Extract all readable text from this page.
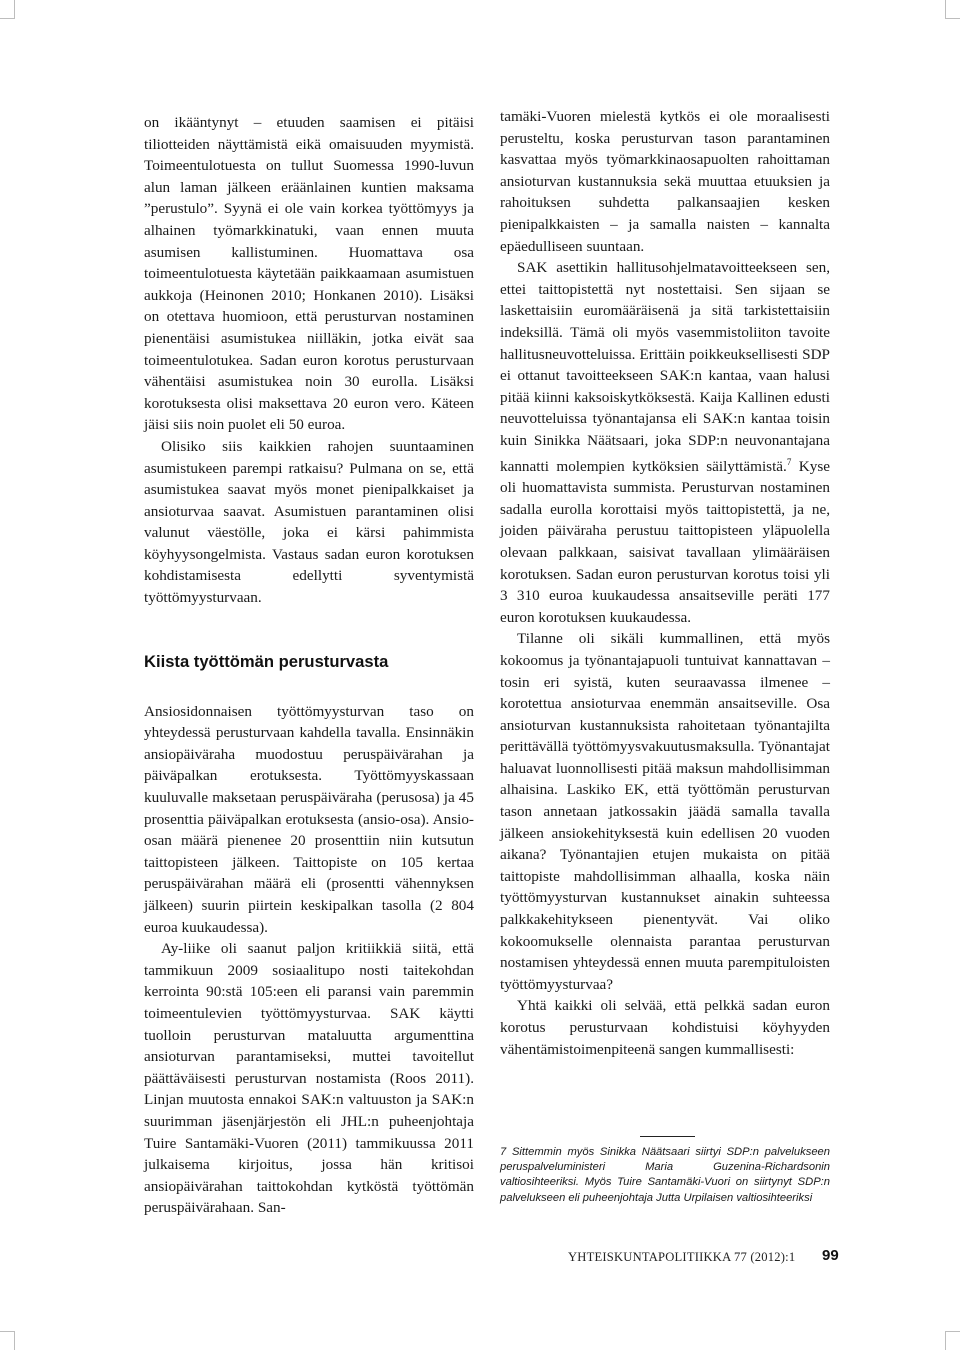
on ikääntynyt – etuuden saamisen ei pitäisi tiliotteiden näyttämistä eikä omaisuuden myymistä. Toimeentulotuesta on tullut Suomessa 1990-luvun alun laman jälkeen eräänlainen kuntien maksama ”perustulo”. Syynä ei ole vain korkea työttömyys ja alhainen työmarkkinatuki, vaan ennen muuta asumisen kallistuminen. Huomattava osa toimeentulotuesta käytetään paikkaamaan asumistuen aukkoja (Heinonen 2010; Honkanen 2010). Lisäksi on otettava huomioon, että perusturvan nostaminen pienentäisi asumistukea niilläkin, jotka eivät saa toimeentulotukea. Sadan euron korotus perusturvaan vähentäisi asumistukea noin 30 eurolla. Lisäksi korotuksesta olisi maksettava 20 euron vero. Käteen jäisi siis noin puolet eli 50 euroa.

Olisiko siis kaikkien rahojen suuntaaminen asumistukeen parempi ratkaisu? Pulmana on se, että asumistukea saavat myös monet pienipalkkaiset ja ansioturvaa saavat. Asumistuen parantaminen olisi valunut väestölle, joka ei kärsi pahimmista köyhyysongelmista. Vastaus sadan euron korotuksen kohdistamisesta edellytti syventymistä työttömyysturvaan.

Kiista työttömän perusturvasta

Ansiosidonnaisen työttömyysturvan taso on yhteydessä perusturvaan kahdella tavalla. Ensinnäkin ansiopäiväraha muodostuu peruspäivärahan ja päiväpalkan erotuksesta. Työttömyyskassaan kuuluvalle maksetaan peruspäiväraha (perusosa) ja 45 prosenttia päiväpalkan erotuksesta (ansio-osa). Ansio-osan määrä pienenee 20 prosenttiin niin kutsutun taittopisteen jälkeen. Taittopiste on 105 kertaa peruspäivärahan määrä eli (prosentti vähennyksen jälkeen) suurin piirtein keskipalkan tasolla (2 804 euroa kuukaudessa).

Ay-liike oli saanut paljon kritiikkiä siitä, että tammikuun 2009 sosiaalitupo nosti taitekohdan kerrointa 90:stä 105:een eli paransi vain paremmin toimeentulevien työttömyysturvaa. SAK käytti tuolloin perusturvan mataluutta argumenttina ansioturvan parantamiseksi, muttei tavoitellut päättäväisesti perusturvan nostamista (Roos 2011). Linjan muutosta ennakoi SAK:n valtuuston ja SAK:n suurimman jäsenjärjestön eli JHL:n puheenjohtaja Tuire Santamäki-Vuoren (2011) tammikuussa 2011 julkaisema kirjoitus, jossa hän kritisoi ansiopäivärahan taittokohdan kytköstä työttömän peruspäivärahaan. San-

tamäki-Vuoren mielestä kytkös ei ole moraalisesti perusteltu, koska perusturvan tason parantaminen kasvattaa myös työmarkkinaosapuolten rahoittaman ansioturvan kustannuksia sekä muuttaa etuuksien ja rahoituksen suhdetta palkansaajien kesken pienipalkkaisten – ja samalla naisten – kannalta epäedulliseen suuntaan.

SAK asettikin hallitusohjelmatavoitteekseen sen, ettei taittopistettä nyt nostettaisi. Sen sijaan se laskettaisiin euromääräisenä ja sitä tarkistettaisiin indeksillä. Tämä oli myös vasemmistoliiton tavoite hallitusneuvotteluissa. Erittäin poikkeuksellisesti SDP ei ottanut tavoitteekseen SAK:n kantaa, vaan halusi pitää kiinni kaksoiskytköksestä. Kaija Kallinen edusti neuvotteluissa työnantajansa eli SAK:n kantaa toisin kuin Sinikka Näätsaari, joka SDP:n neuvonantajana kannatti molempien kytköksien säilyttämistä.$^7$ Kyse oli huomattavista summista. Perusturvan nostaminen sadalla eurolla korottaisi myös taittopistettä, ja ne, joiden päiväraha perustuu taittopisteen yläpuolella olevaan palkkaan, saisivat tavallaan ylimääräisen korotuksen. Sadan euron perusturvan korotus toisi yli 3 310 euroa kuukaudessa ansaitseville peräti 177 euron korotuksen kuukaudessa.

Tilanne oli sikäli kummallinen, että myös kokoomus ja työnantajapuoli tuntuivat kannattavan – tosin eri syistä, kuten seuraavassa ilmenee – korotettua ansioturvaa enemmän ansaitseville. Osa ansioturvan kustannuksista rahoitetaan työnantajilta perittävällä työttömyysvakuutusmaksulla. Työnantajat haluavat luonnollisesti pitää maksun mahdollisimman alhaisina. Laskiko EK, että työttömän perusturvan tason annetaan jatkossakin jäädä samalla tavalla jälkeen ansiokehityksestä kuin edellisen 20 vuoden aikana? Työnantajien etujen mukaista on pitää taittopiste mahdollisimman alhaalla, koska näin työttömyysturvan kustannukset ainakin suhteessa palkkakehitykseen pienentyvät. Vai oliko kokoomukselle olennaista parantaa perusturvan nostamisen yhteydessä ennen muuta parempituloisten työttömyysturvaa?

Yhtä kaikki oli selvää, että pelkkä sadan euron korotus perusturvaan kohdistuisi köyhyyden vähentämistoimenpiteenä sangen kummallisesti:

7 Sittemmin myös Sinikka Näätsaari siirtyi SDP:n palvelukseen peruspalveluministeri Maria Guzenina-Richardsonin valtiosihteeriksi. Myös Tuire Santamäki-Vuori on siirtynyt SDP:n palvelukseen eli puheenjohtaja Jutta Urpilaisen valtiosihteeriksi
YHTEISKUNTAPOLITIIKKA 77 (2012):1 99
